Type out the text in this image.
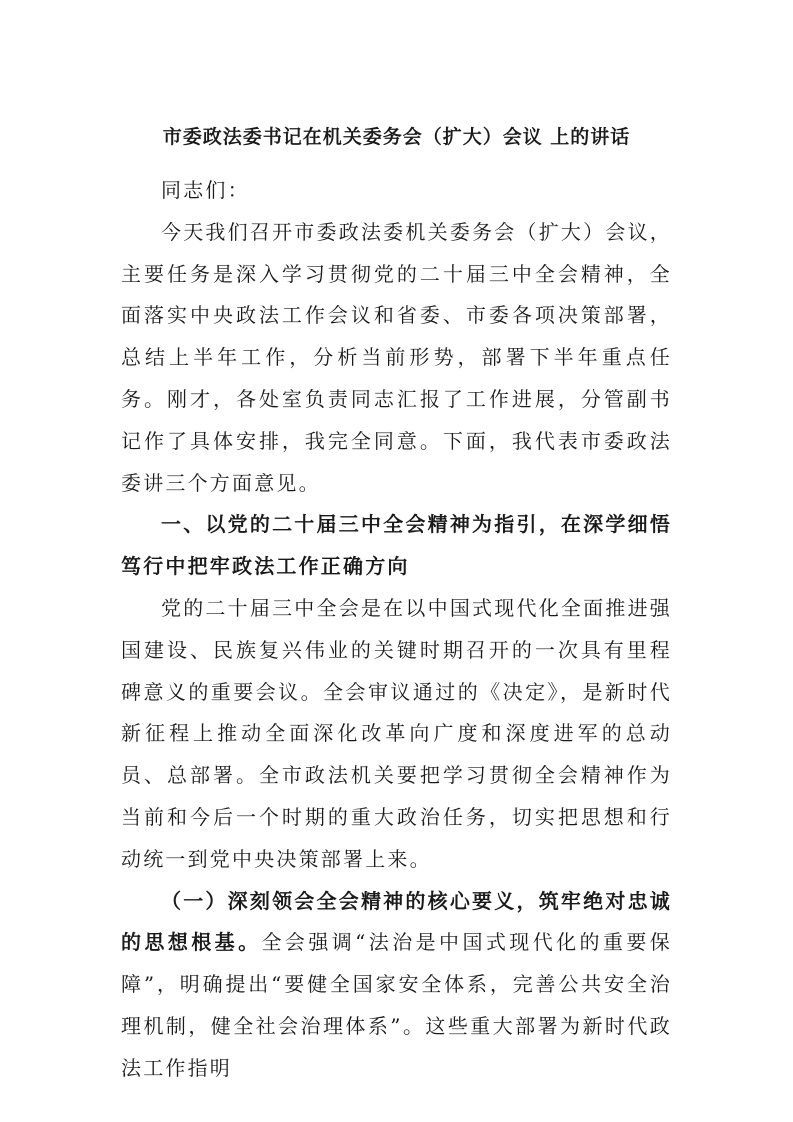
市委政法委书记在机关委务会（扩大）会议 上的讲话

同志们：

今天我们召开市委政法委机关委务会（扩大）会议，主要任务是深入学习贯彻党的二十届三中全会精神，全面落实中央政法工作会议和省委、市委各项决策部署，总结上半年工作，分析当前形势，部署下半年重点任务。刚才，各处室负责同志汇报了工作进展，分管副书记作了具体安排，我完全同意。下面，我代表市委政法委讲三个方面意见。

一、以党的二十届三中全会精神为指引，在深学细悟笃行中把牢政法工作正确方向

党的二十届三中全会是在以中国式现代化全面推进强国建设、民族复兴伟业的关键时期召开的一次具有里程碑意义的重要会议。全会审议通过的《决定》，是新时代新征程上推动全面深化改革向广度和深度进军的总动员、总部署。全市政法机关要把学习贯彻全会精神作为当前和今后一个时期的重大政治任务，切实把思想和行动统一到党中央决策部署上来。

（一）深刻领会全会精神的核心要义，筑牢绝对忠诚的思想根基。全会强调“法治是中国式现代化的重要保障”，明确提出“要健全国家安全体系，完善公共安全治理机制，健全社会治理体系”。这些重大部署为新时代政法工作指明
